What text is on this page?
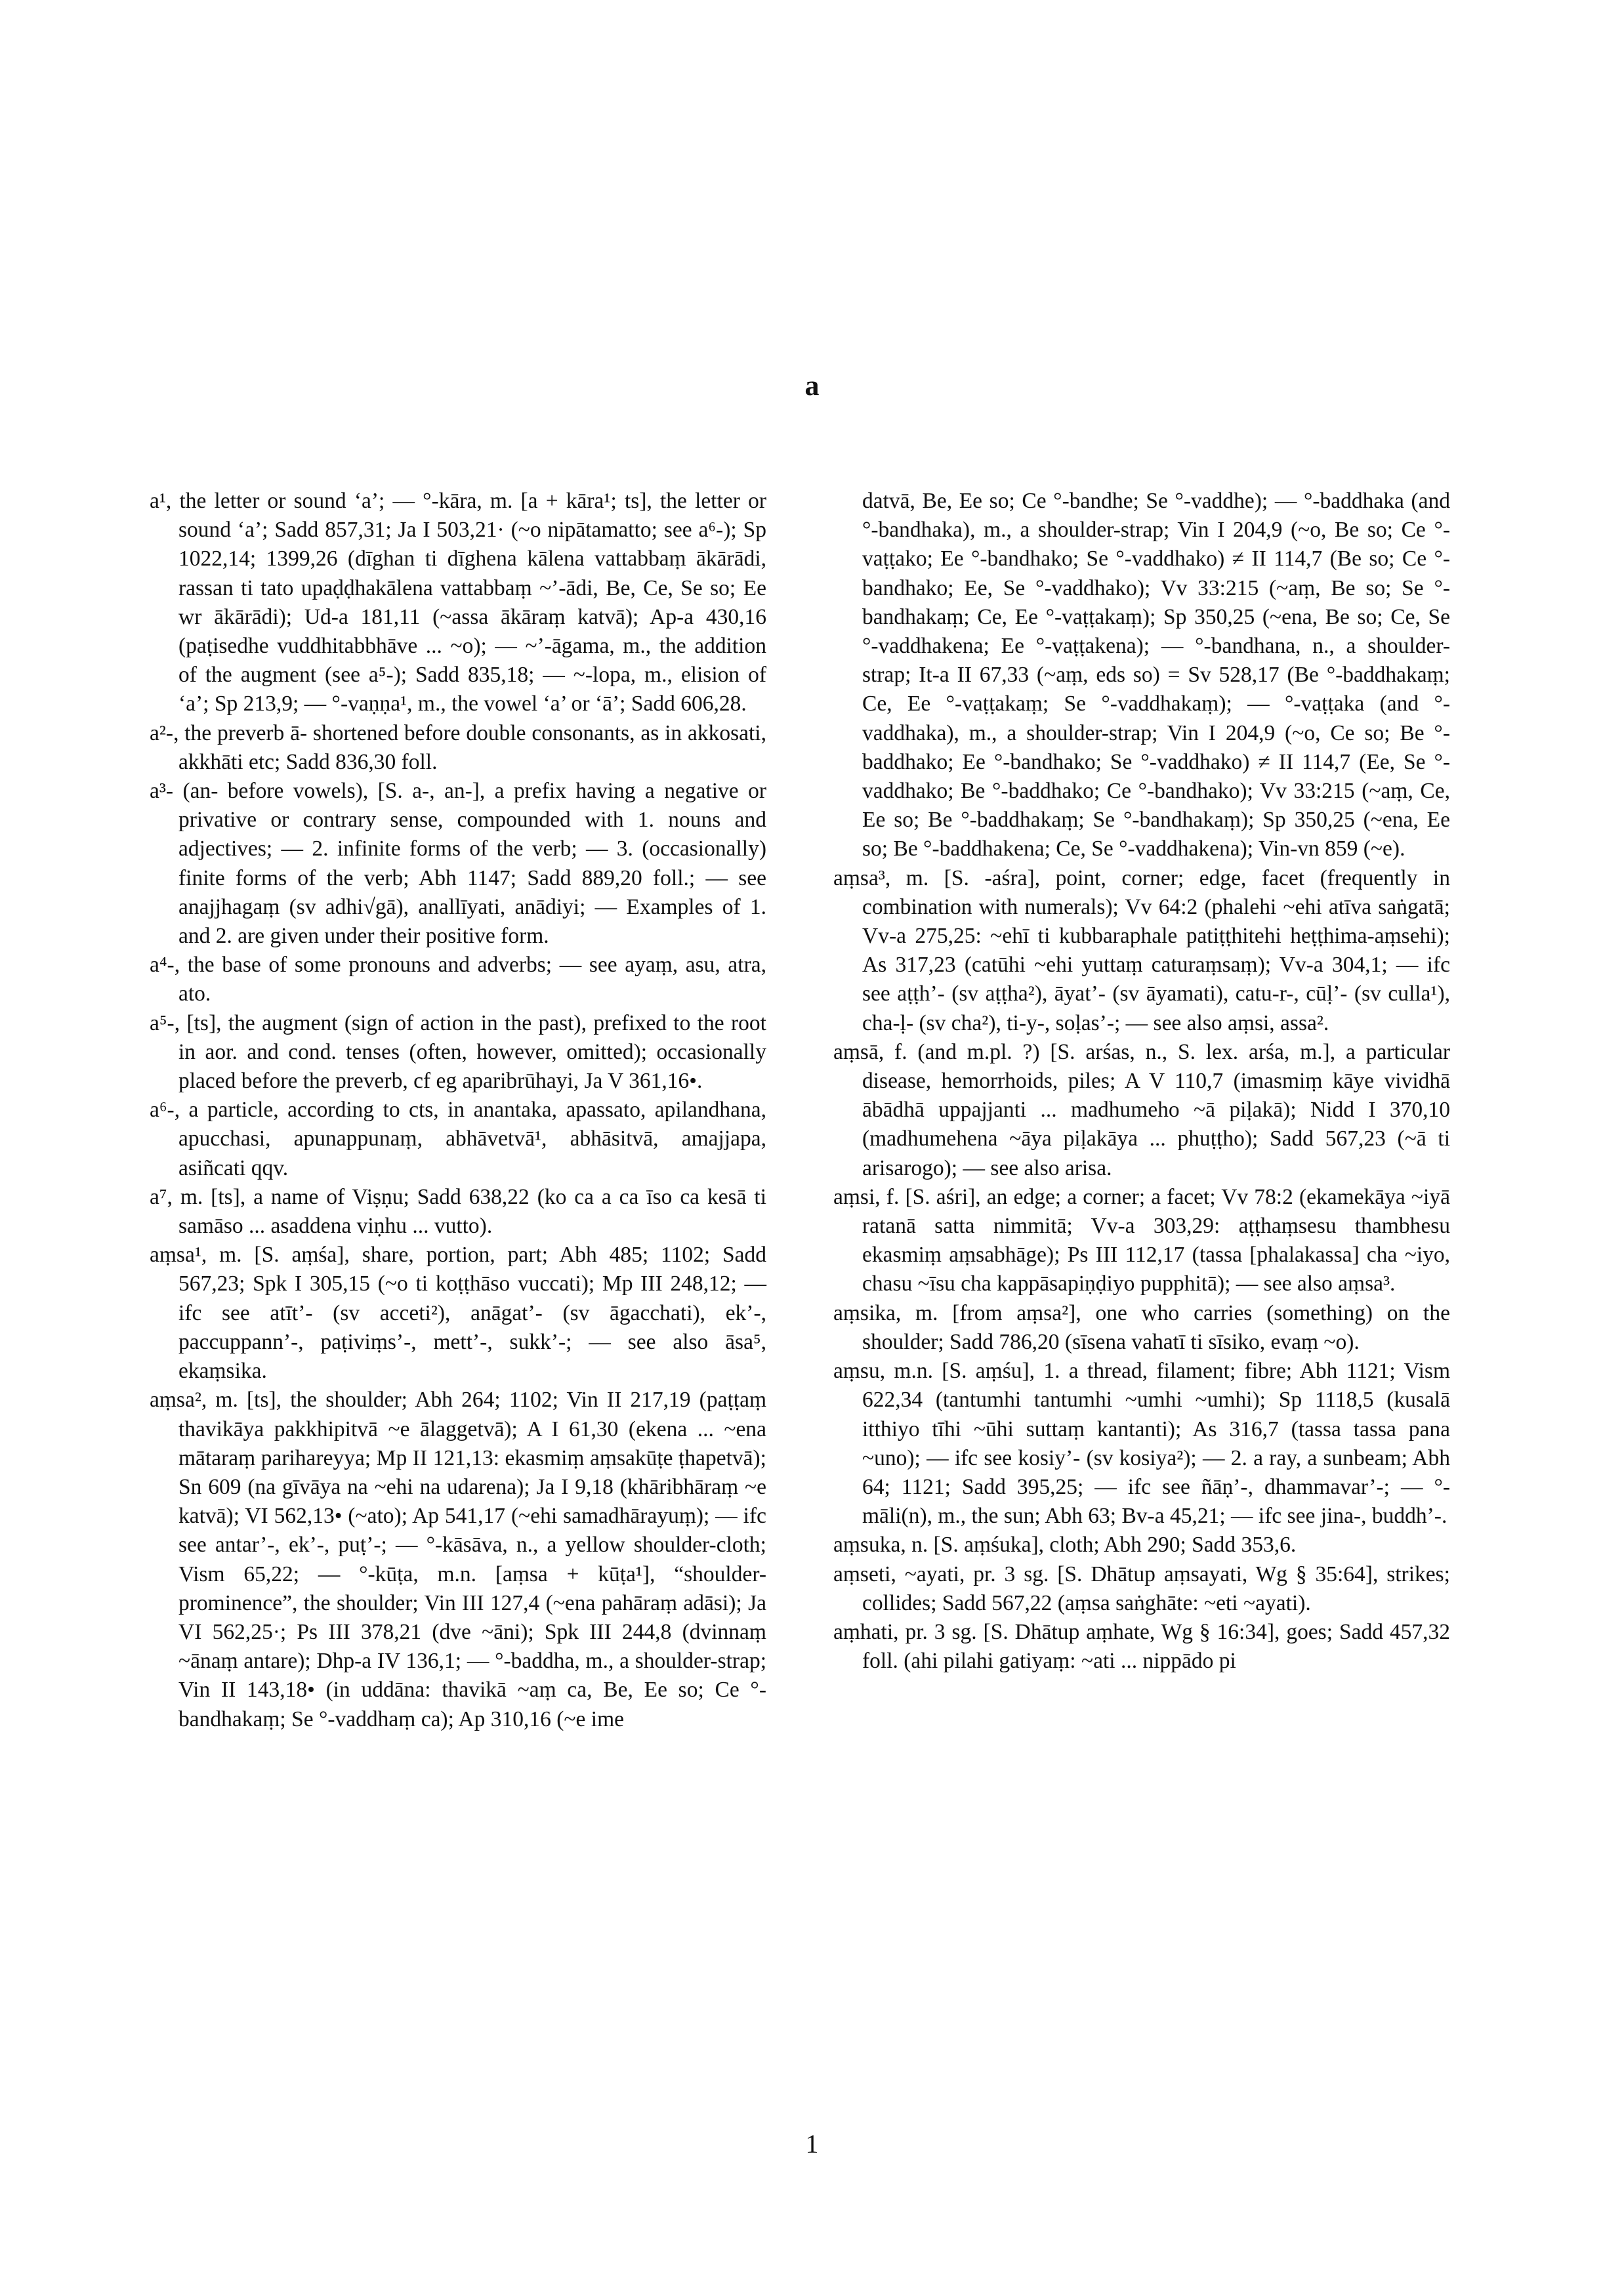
a

a¹, the letter or sound ‘a’; — °-kāra, m. [a + kāra¹; ts], the letter or sound ‘a’; Sadd 857,31; Ja I 503,21· (~o nipātamatto; see a⁶-); Sp 1022,14; 1399,26 (dīghan ti dīghena kālena vattabbaṃ ākārādi, rassan ti tato upaḍḍhakālena vattabbaṃ ~’-ādi, Be, Ce, Se so; Ee wr ākārādi); Ud-a 181,11 (~assa ākāraṃ katvā); Ap-a 430,16 (paṭisedhe vuddhitabbhāve ... ~o); — ~’-āgama, m., the addition of the augment (see a⁵-); Sadd 835,18; — ~-lopa, m., elision of ‘a’; Sp 213,9; — °-vaṇṇa¹, m., the vowel ‘a’ or ‘ā’; Sadd 606,28.

a²-, the preverb ā- shortened before double consonants, as in akkosati, akkhāti etc; Sadd 836,30 foll.

a³- (an- before vowels), [S. a-, an-], a prefix having a negative or privative or contrary sense, compounded with 1. nouns and adjectives; — 2. infinite forms of the verb; — 3. (occasionally) finite forms of the verb; Abh 1147; Sadd 889,20 foll.; — see anajjhagaṃ (sv adhi√gā), anallīyati, anādiyi; — Examples of 1. and 2. are given under their positive form.

a⁴-, the base of some pronouns and adverbs; — see ayaṃ, asu, atra, ato.

a⁵-, [ts], the augment (sign of action in the past), prefixed to the root in aor. and cond. tenses (often, however, omitted); occasionally placed before the preverb, cf eg aparibrūhayi, Ja V 361,16•.

a⁶-, a particle, according to cts, in anantaka, apassato, apilandhana, apucchasi, apunappunaṃ, abhāvetvā¹, abhāsitvā, amajjapa, asiñcati qqv.

a⁷, m. [ts], a name of Viṣṇu; Sadd 638,22 (ko ca a ca īso ca kesā ti samāso ... asaddena viṇhu ... vutto).

aṃsa¹, m. [S. aṃśa], share, portion, part; Abh 485; 1102; Sadd 567,23; Spk I 305,15 (~o ti koṭṭhāso vuccati); Mp III 248,12; — ifc see atīt’- (sv acceti²), anāgat’- (sv āgacchati), ek’-, paccuppann’-, paṭiviṃs’-, mett’-, sukk’-; — see also āsa⁵, ekaṃsika.

aṃsa², m. [ts], the shoulder; Abh 264; 1102; Vin II 217,19 (paṭṭaṃ thavikāya pakkhipitvā ~e ālaggetvā); A I 61,30 (ekena ... ~ena mātaraṃ parihareyya; Mp II 121,13: ekasmiṃ aṃsakūṭe ṭhapetvā); Sn 609 (na gīvāya na ~ehi na udarena); Ja I 9,18 (khāribhāraṃ ~e katvā); VI 562,13• (~ato); Ap 541,17 (~ehi samadhārayuṃ); — ifc see antar’-, ek’-, puṭ’-; — °-kāsāva, n., a yellow shoulder-cloth; Vism 65,22; — °-kūṭa, m.n. [aṃsa + kūṭa¹], “shoulder-prominence”, the shoulder; Vin III 127,4 (~ena pahāraṃ adāsi); Ja VI 562,25·; Ps III 378,21 (dve ~āni); Spk III 244,8 (dvinnaṃ ~ānaṃ antare); Dhp-a IV 136,1; — °-baddha, m., a shoulder-strap; Vin II 143,18• (in uddāna: thavikā ~aṃ ca, Be, Ee so; Ce °-bandhakaṃ; Se °-vaddhaṃ ca); Ap 310,16 (~e ime

datvā, Be, Ee so; Ce °-bandhe; Se °-vaddhe); — °-baddhaka (and °-bandhaka), m., a shoulder-strap; Vin I 204,9 (~o, Be so; Ce °-vaṭṭako; Ee °-bandhako; Se °-vaddhako) ≠ II 114,7 (Be so; Ce °-bandhako; Ee, Se °-vaddhako); Vv 33:215 (~aṃ, Be so; Se °-bandhakaṃ; Ce, Ee °-vaṭṭakaṃ); Sp 350,25 (~ena, Be so; Ce, Se °-vaddhakena; Ee °-vaṭṭakena); — °-bandhana, n., a shoulder-strap; It-a II 67,33 (~aṃ, eds so) = Sv 528,17 (Be °-baddhakaṃ; Ce, Ee °-vaṭṭakaṃ; Se °-vaddhakaṃ); — °-vaṭṭaka (and °-vaddhaka), m., a shoulder-strap; Vin I 204,9 (~o, Ce so; Be °-baddhako; Ee °-bandhako; Se °-vaddhako) ≠ II 114,7 (Ee, Se °-vaddhako; Be °-baddhako; Ce °-bandhako); Vv 33:215 (~aṃ, Ce, Ee so; Be °-baddhakaṃ; Se °-bandhakaṃ); Sp 350,25 (~ena, Ee so; Be °-baddhakena; Ce, Se °-vaddhakena); Vin-vn 859 (~e).

aṃsa³, m. [S. -aśra], point, corner; edge, facet (frequently in combination with numerals); Vv 64:2 (phalehi ~ehi atīva saṅgatā; Vv-a 275,25: ~ehī ti kubbaraphale patiṭṭhitehi heṭṭhima-aṃsehi); As 317,23 (catūhi ~ehi yuttaṃ caturaṃsaṃ); Vv-a 304,1; — ifc see aṭṭh’- (sv aṭṭha²), āyat’- (sv āyamati), catu-r-, cūḷ’- (sv culla¹), cha-ḷ- (sv cha²), ti-y-, soḷas’-; — see also aṃsi, assa².

aṃsā, f. (and m.pl. ?) [S. arśas, n., S. lex. arśa, m.], a particular disease, hemorrhoids, piles; A V 110,7 (imasmiṃ kāye vividhā ābādhā uppajjanti ... madhumeho ~ā piḷakā); Nidd I 370,10 (madhumehena ~āya piḷakāya ... phuṭṭho); Sadd 567,23 (~ā ti arisarogo); — see also arisa.

aṃsi, f. [S. aśri], an edge; a corner; a facet; Vv 78:2 (ekamekāya ~iyā ratanā satta nimmitā; Vv-a 303,29: aṭṭhaṃsesu thambhesu ekasmiṃ aṃsabhāge); Ps III 112,17 (tassa [phalakassa] cha ~iyo, chasu ~īsu cha kappāsapiṇḍiyo pupphitā); — see also aṃsa³.

aṃsika, m. [from aṃsa²], one who carries (something) on the shoulder; Sadd 786,20 (sīsena vahatī ti sīsiko, evaṃ ~o).

aṃsu, m.n. [S. aṃśu], 1. a thread, filament; fibre; Abh 1121; Vism 622,34 (tantumhi tantumhi ~umhi ~umhi); Sp 1118,5 (kusalā itthiyo tīhi ~ūhi suttaṃ kantanti); As 316,7 (tassa tassa pana ~uno); — ifc see kosiy’- (sv kosiya²); — 2. a ray, a sunbeam; Abh 64; 1121; Sadd 395,25; — ifc see ñāṇ’-, dhammavar’-; — °-māli(n), m., the sun; Abh 63; Bv-a 45,21; — ifc see jina-, buddh’-.

aṃsuka, n. [S. aṃśuka], cloth; Abh 290; Sadd 353,6.

aṃseti, ~ayati, pr. 3 sg. [S. Dhātup aṃsayati, Wg § 35:64], strikes; collides; Sadd 567,22 (aṃsa saṅghāte: ~eti ~ayati).

aṃhati, pr. 3 sg. [S. Dhātup aṃhate, Wg § 16:34], goes; Sadd 457,32 foll. (ahi pilahi gatiyaṃ: ~ati ... nippādo pi

1
